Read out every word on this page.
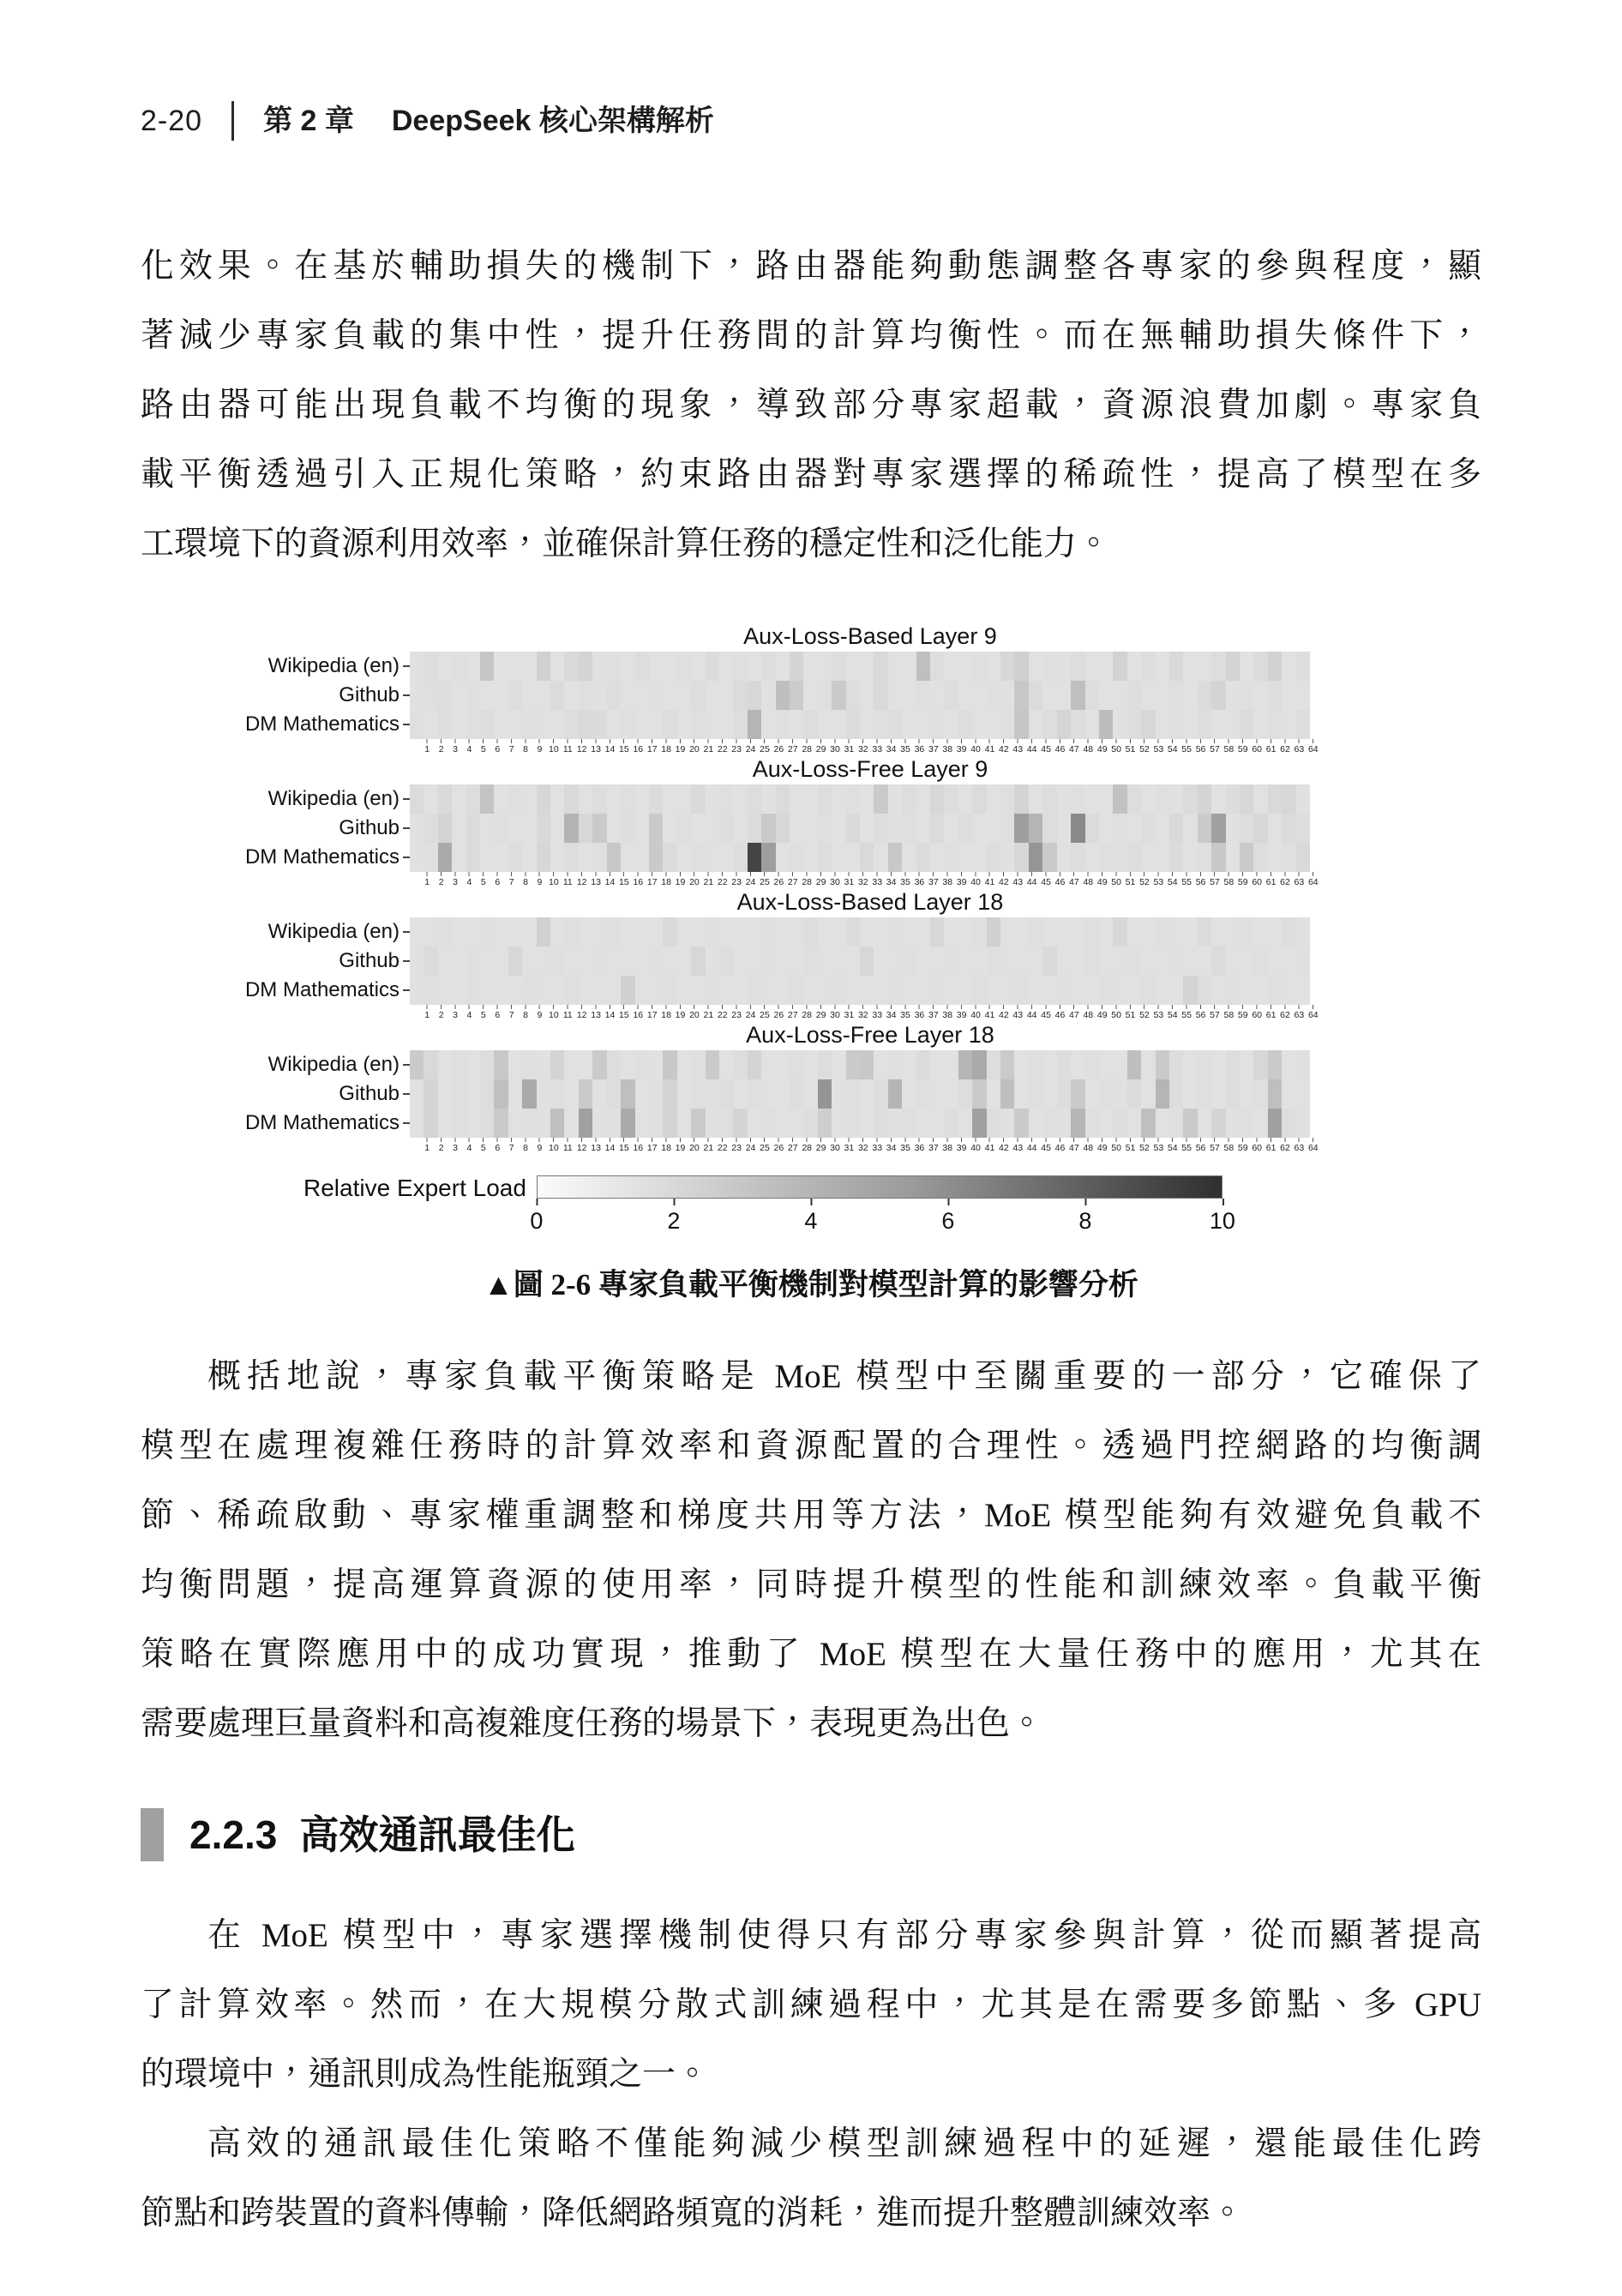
2-20 第 2 章 DeepSeek 核心架構解析
化效果。在基於輔助損失的機制下，路由器能夠動態調整各專家的參與程度，顯
著減少專家負載的集中性，提升任務間的計算均衡性。而在無輔助損失條件下，
路由器可能出現負載不均衡的現象，導致部分專家超載，資源浪費加劇。專家負
載平衡透過引入正規化策略，約束路由器對專家選擇的稀疏性，提高了模型在多
工環境下的資源利用效率，並確保計算任務的穩定性和泛化能力。
Aux-Loss-Based Layer 9
Wikipedia (en)
Github
DM Mathematics
1	2	3	4	5	6	7	8	9 10 11 12 13 14 15 16 17 18 19 20 21 22 23 24 25 26 27 28 29 30 31 32 33 34 35 36 37 38 39 40 41 42 43 44 45 46 47 48 49 50 51 52 53 54 55 56 57 58 59 60 61 62 63 64
Aux-Loss-Free Layer 9
Wikipedia (en)
Github
DM Mathematics
1	2	3	4	5	6	7	8	9 10 11 12 13 14 15 16 17 18 19 20 21 22 23 24 25 26 27 28 29 30 31 32 33 34 35 36 37 38 39 40 41 42 43 44 45 46 47 48 49 50 51 52 53 54 55 56 57 58 59 60 61 62 63 64
Aux-Loss-Based Layer 18
Wikipedia (en)
Github
DM Mathematics
1	2	3	4	5	6	7	8	9 10 11 12 13 14 15 16 17 18 19 20 21 22 23 24 25 26 27 28 29 30 31 32 33 34 35 36 37 38 39 40 41 42 43 44 45 46 47 48 49 50 51 52 53 54 55 56 57 58 59 60 61 62 63 64
Aux-Loss-Free Layer 18
Wikipedia (en)
Github
DM Mathematics
1	2	3	4	5	6	7	8	9 10 11 12 13 14 15 16 17 18 19 20 21 22 23 24 25 26 27 28 29 30 31 32 33 34 35 36 37 38 39 40 41 42 43 44 45 46 47 48 49 50 51 52 53 54 55 56 57 58 59 60 61 62 63 64
Relative Expert Load
0	2	4	6	8	10
▲圖 2-6 專家負載平衡機制對模型計算的影響分析
概括地說，專家負載平衡策略是 MoE 模型中至關重要的一部分，它確保了
模型在處理複雜任務時的計算效率和資源配置的合理性。透過門控網路的均衡調
節、稀疏啟動、專家權重調整和梯度共用等方法，MoE 模型能夠有效避免負載不
均衡問題，提高運算資源的使用率，同時提升模型的性能和訓練效率。負載平衡
策略在實際應用中的成功實現，推動了 MoE 模型在大量任務中的應用，尤其在
需要處理巨量資料和高複雜度任務的場景下，表現更為出色。
2.2.3 高效通訊最佳化
在 MoE 模型中，專家選擇機制使得只有部分專家參與計算，從而顯著提高
了計算效率。然而，在大規模分散式訓練過程中，尤其是在需要多節點、多 GPU
的環境中，通訊則成為性能瓶頸之一。
高效的通訊最佳化策略不僅能夠減少模型訓練過程中的延遲，還能最佳化跨
節點和跨裝置的資料傳輸，降低網路頻寬的消耗，進而提升整體訓練效率。
